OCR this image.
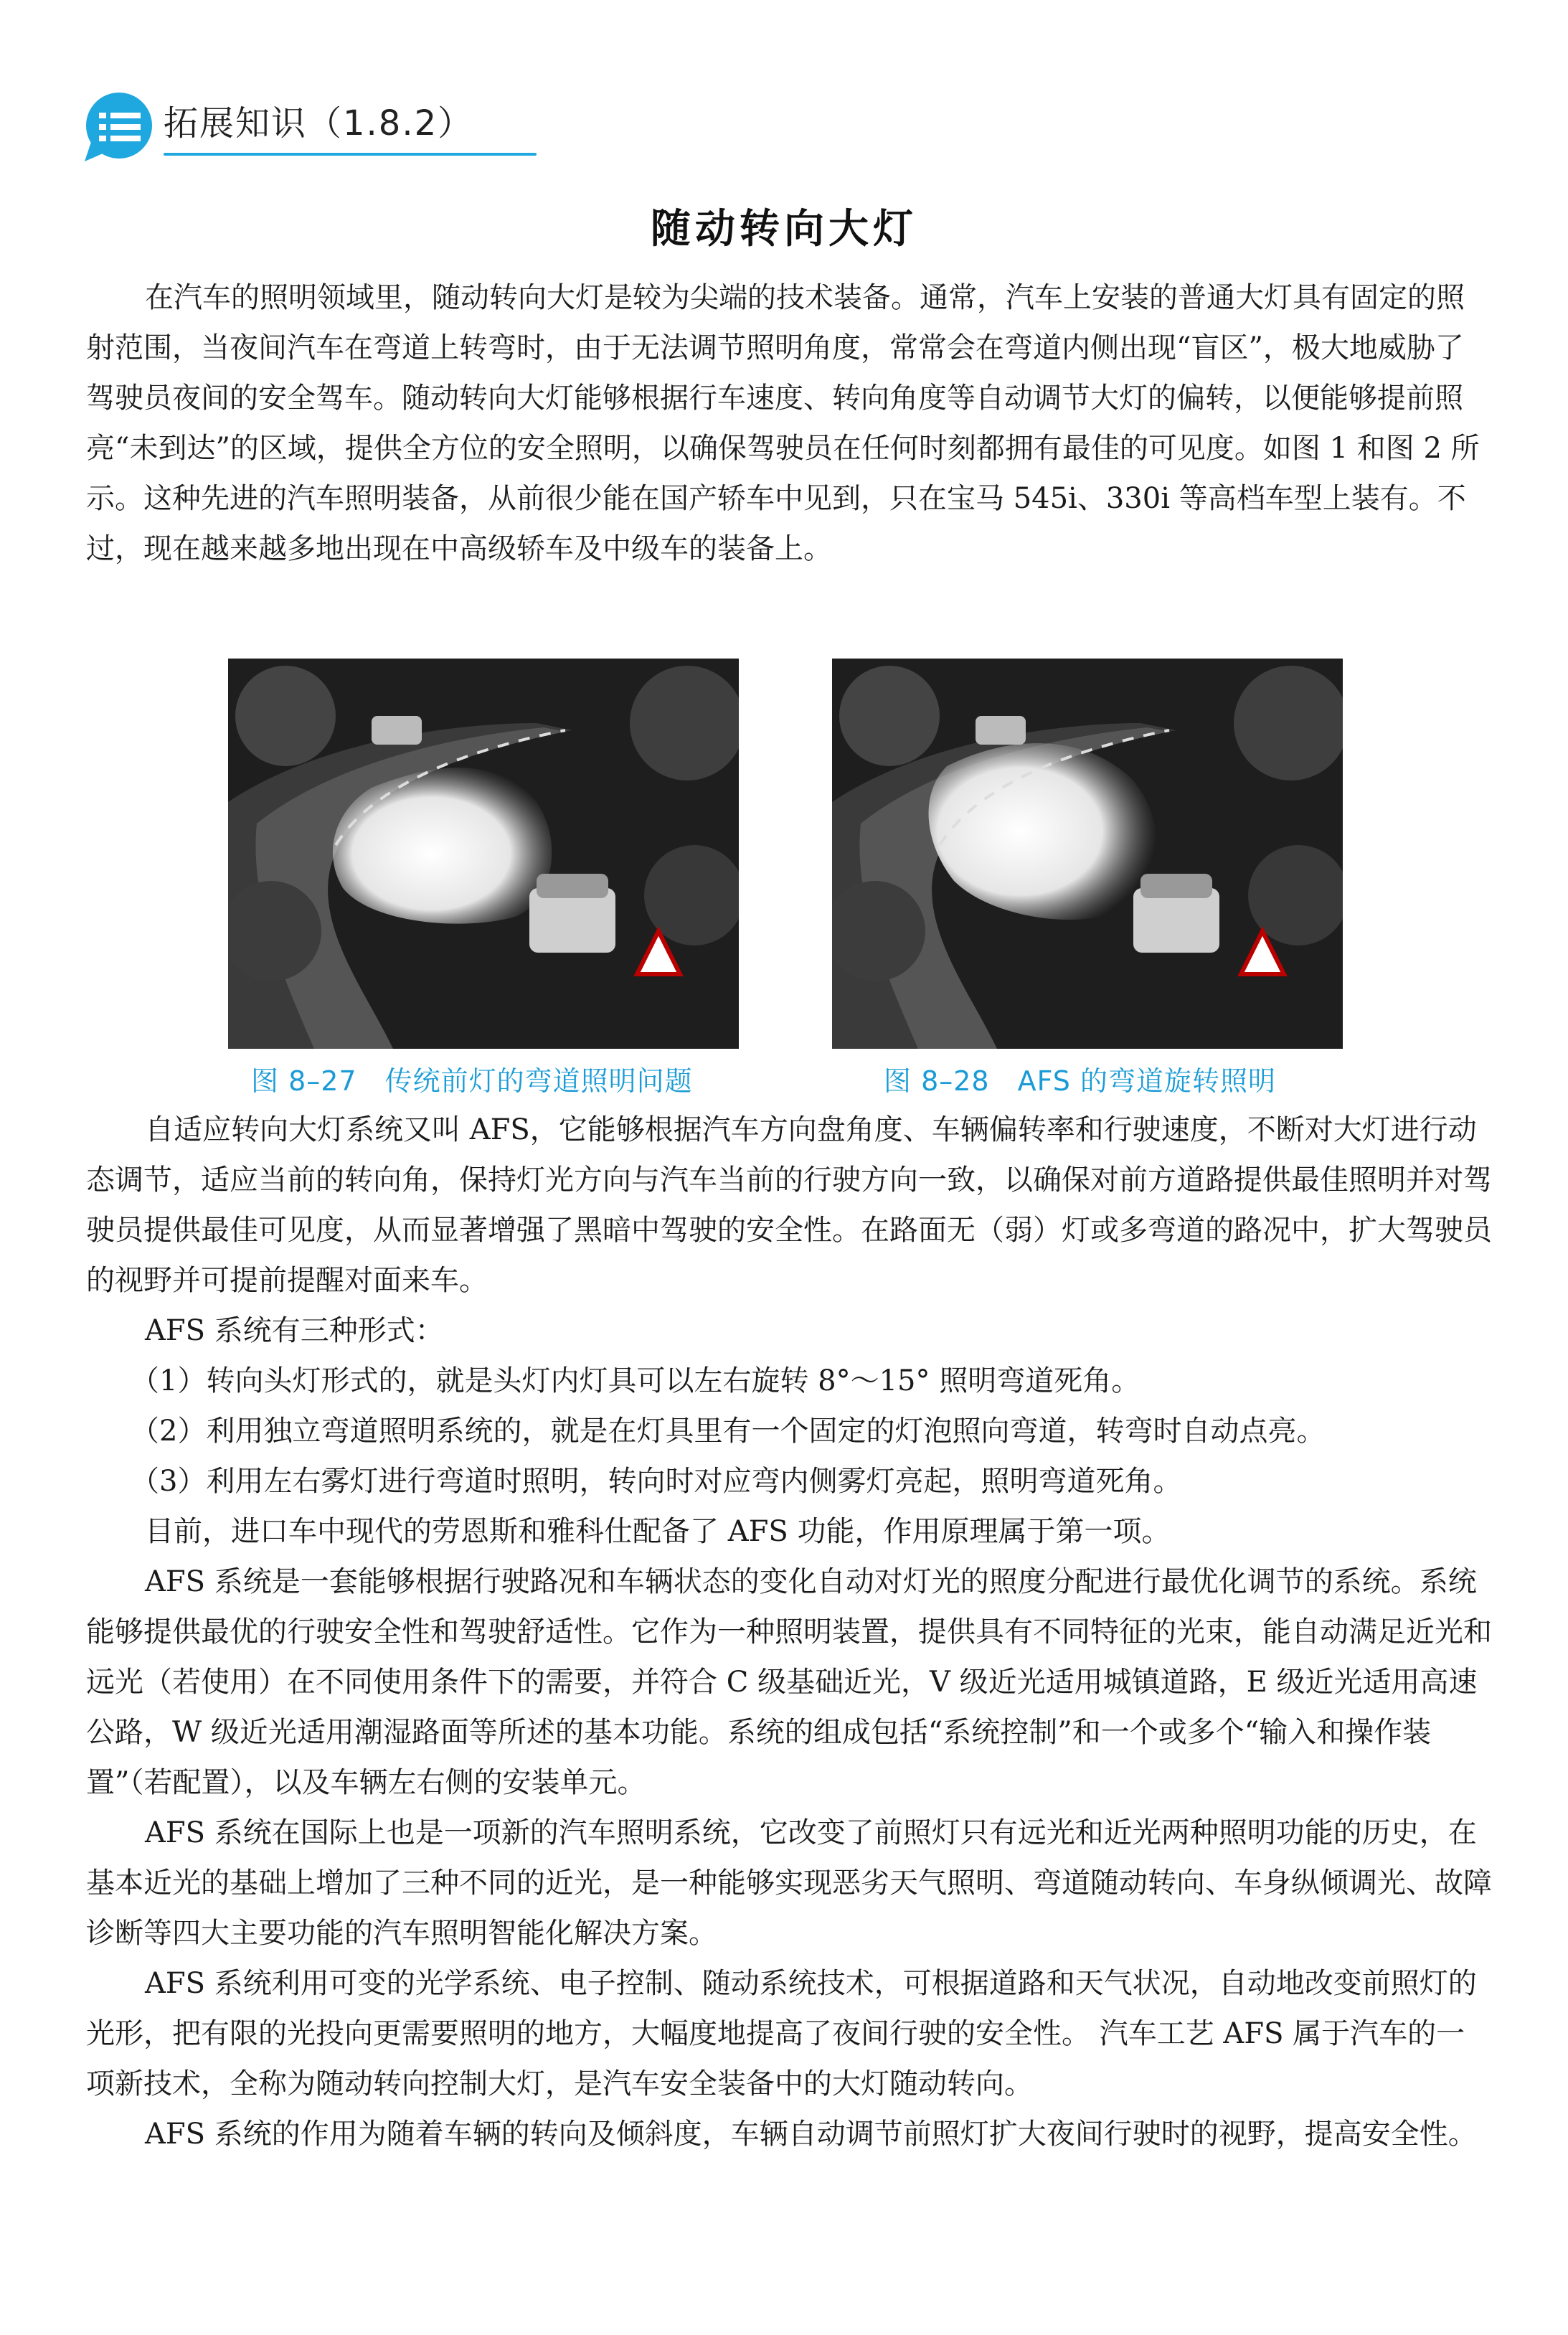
拓展知识（1.8.2）
随动转向大灯

在汽车的照明领域里，随动转向大灯是较为尖端的技术装备。通常，汽车上安装的普通大灯具有固定的照射范围，当夜间汽车在弯道上转弯时，由于无法调节照明角度，常常会在弯道内侧出现“盲区”，极大地威胁了驾驶员夜间的安全驾车。随动转向大灯能够根据行车速度、转向角度等自动调节大灯的偏转，以便能够提前照亮“未到达”的区域，提供全方位的安全照明，以确保驾驶员在任何时刻都拥有最佳的可见度。如图 1 和图 2 所示。这种先进的汽车照明装备，从前很少能在国产轿车中见到，只在宝马 545i、330i 等高档车型上装有。不过，现在越来越多地出现在中高级轿车及中级车的装备上。

图 8–27　传统前灯的弯道照明问题	图 8–28　AFS 的弯道旋转照明

自适应转向大灯系统又叫 AFS，它能够根据汽车方向盘角度、车辆偏转率和行驶速度，不断对大灯进行动态调节，适应当前的转向角，保持灯光方向与汽车当前的行驶方向一致，以确保对前方道路提供最佳照明并对驾驶员提供最佳可见度，从而显著增强了黑暗中驾驶的安全性。在路面无（弱）灯或多弯道的路况中，扩大驾驶员的视野并可提前提醒对面来车。

AFS 系统有三种形式：

（1）转向头灯形式的，就是头灯内灯具可以左右旋转 8°～15° 照明弯道死角。

（2）利用独立弯道照明系统的，就是在灯具里有一个固定的灯泡照向弯道，转弯时自动点亮。

（3）利用左右雾灯进行弯道时照明，转向时对应弯内侧雾灯亮起，照明弯道死角。

目前，进口车中现代的劳恩斯和雅科仕配备了 AFS 功能，作用原理属于第一项。

AFS 系统是一套能够根据行驶路况和车辆状态的变化自动对灯光的照度分配进行最优化调节的系统。系统能够提供最优的行驶安全性和驾驶舒适性。它作为一种照明装置，提供具有不同特征的光束，能自动满足近光和远光（若使用）在不同使用条件下的需要，并符合 C 级基础近光，V 级近光适用城镇道路，E 级近光适用高速公路，W 级近光适用潮湿路面等所述的基本功能。系统的组成包括“系统控制”和一个或多个“输入和操作装置”（若配置），以及车辆左右侧的安装单元。

AFS 系统在国际上也是一项新的汽车照明系统，它改变了前照灯只有远光和近光两种照明功能的历史，在基本近光的基础上增加了三种不同的近光，是一种能够实现恶劣天气照明、弯道随动转向、车身纵倾调光、故障诊断等四大主要功能的汽车照明智能化解决方案。

AFS 系统利用可变的光学系统、电子控制、随动系统技术，可根据道路和天气状况，自动地改变前照灯的光形，把有限的光投向更需要照明的地方，大幅度地提高了夜间行驶的安全性。 汽车工艺 AFS 属于汽车的一项新技术，全称为随动转向控制大灯，是汽车安全装备中的大灯随动转向。

AFS 系统的作用为随着车辆的转向及倾斜度，车辆自动调节前照灯扩大夜间行驶时的视野，提高安全性。
